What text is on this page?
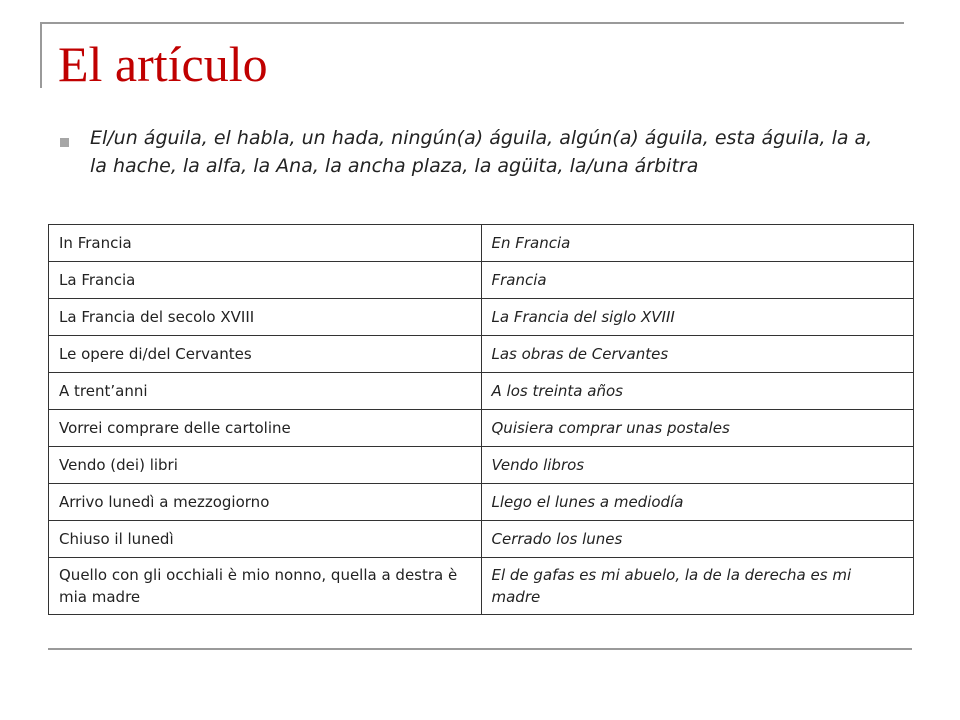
El artículo

El/un águila, el habla, un hada, ningún(a) águila, algún(a) águila, esta águila, la a, la hache, la alfa, la Ana, la ancha plaza, la agüita, la/una árbitra

In Francia	En Francia
La Francia	Francia
La Francia del secolo XVIII	La Francia del siglo XVIII
Le opere di/del Cervantes	Las obras de Cervantes
A trent’anni	A los treinta años
Vorrei comprare delle cartoline	Quisiera comprar unas postales
Vendo (dei) libri	Vendo libros
Arrivo lunedì a mezzogiorno	Llego el lunes a mediodía
Chiuso il lunedì	Cerrado los lunes
Quello con gli occhiali è mio nonno, quella a destra è mia madre	El de gafas es mi abuelo, la de la derecha es mi madre
